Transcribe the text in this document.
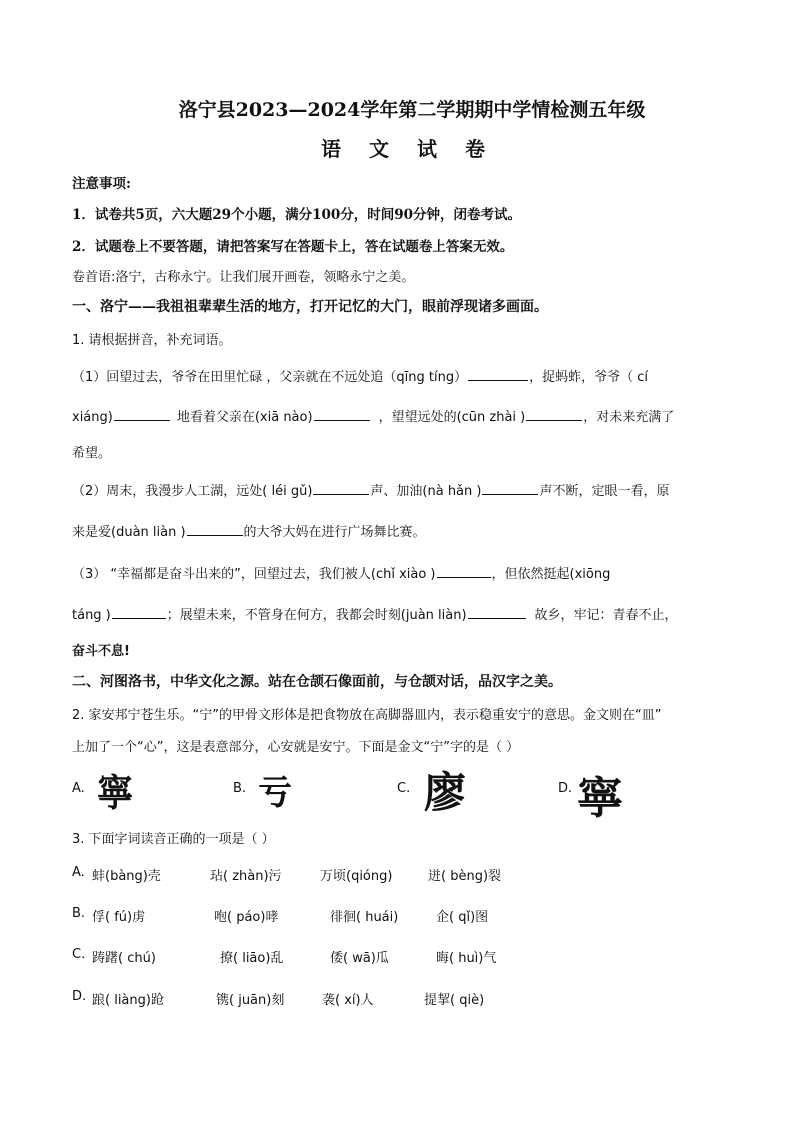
洛宁县2023—2024学年第二学期期中学情检测五年级
语文试卷
注意事项:
1．试卷共5页，六大题29个小题，满分100分，时间90分钟，闭卷考试。
2．试题卷上不要答题，请把答案写在答题卡上，答在试题卷上答案无效。
卷首语:洛宁，古称永宁。让我们展开画卷，领略永宁之美。
一、洛宁——我祖祖辈辈生活的地方，打开记忆的大门，眼前浮现诸多画面。
1. 请根据拼音，补充词语。
（1）回望过去，爷爷在田里忙碌 ，父亲就在不远处追（qīng tíng）	，捉蚂蚱，爷爷（ cí
xiáng)	地看着父亲在(xiā nào)	，望望远处的(cūn zhài )	，对未来充满了
希望。
（2）周末，我漫步人工湖，远处( léi gǔ)	声、加油(nà hǎn )	声不断，定眼一看，原
来是爱(duàn liàn )	的大爷大妈在进行广场舞比赛。
（3） “幸福都是奋斗出来的”，回望过去，我们被人(chǐ xiào )	，但依然挺起(xiōng
táng )	；展望未来，不管身在何方，我都会时刻(juàn liàn)	故乡，牢记：青春不止，
奋斗不息!
二、河图洛书，中华文化之源。站在仓颉石像面前，与仓颉对话，品汉字之美。
2. 家安邦宁苍生乐。“宁”的甲骨文形体是把食物放在高脚器皿内，表示稳重安宁的意思。金文则在“皿”
上加了一个“心”，这是表意部分，心安就是安宁。下面是金文“宁”字的是（ ）
A. 寧	B. 亏	C. 廖	D. 寧
3. 下面字词读音正确的一项是（ ）
A. 蚌(bàng)壳	玷( zhàn)污	万顷(qióng)	迸( bèng)裂
B. 俘( fú)虏	咆( páo)哮	徘徊( huái)	企( qǐ)图
C. 踌躇( chú)	撩( liāo)乱	倭( wā)瓜	晦( huì)气
D. 踉( liàng)跄	镌( juān)刻	袭( xí)人	提挈( qiè)
